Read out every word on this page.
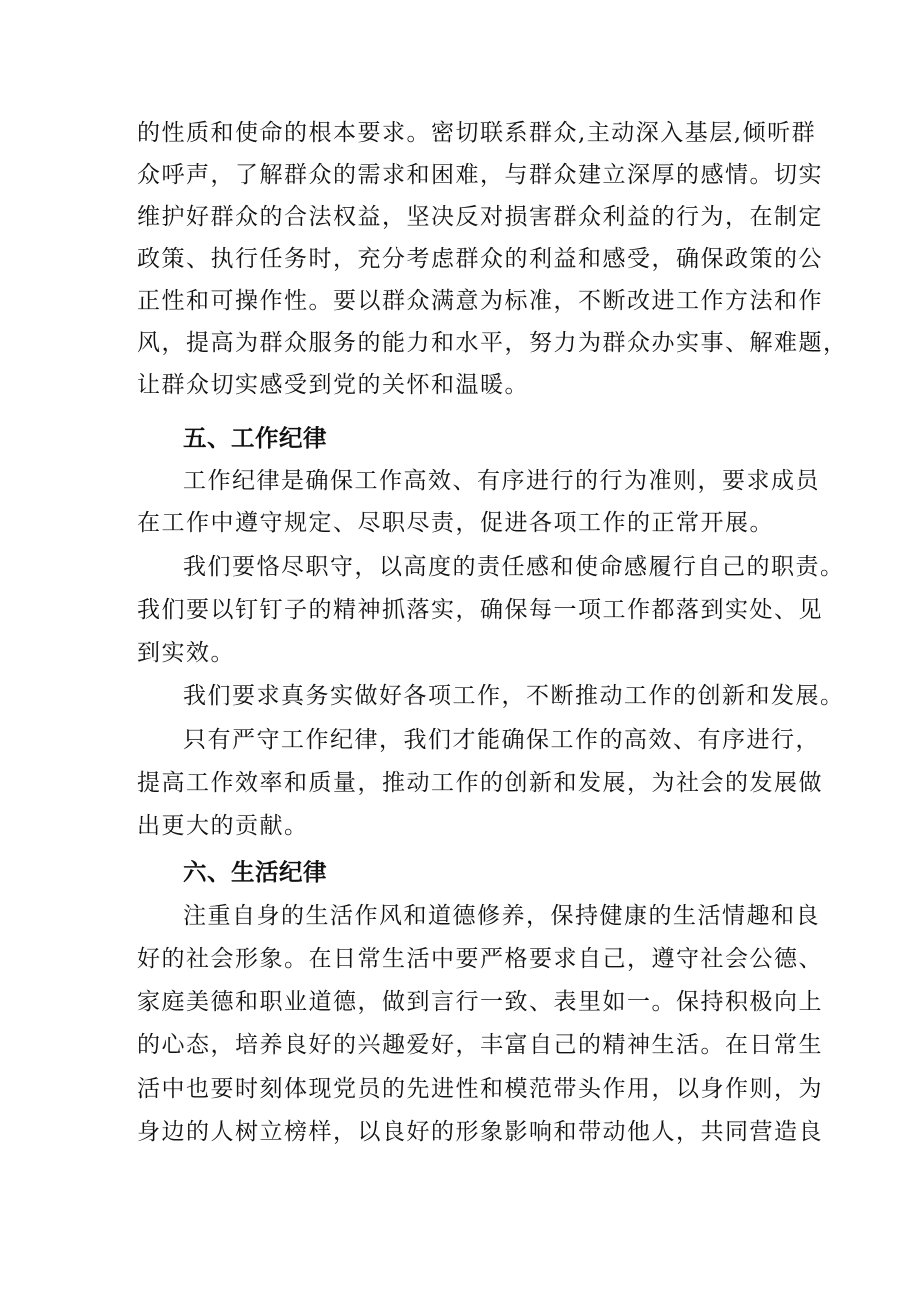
的性质和使命的根本要求。密切联系群众,主动深入基层,倾听群

众呼声，了解群众的需求和困难，与群众建立深厚的感情。切实

维护好群众的合法权益，坚决反对损害群众利益的行为，在制定

政策、执行任务时，充分考虑群众的利益和感受，确保政策的公

正性和可操作性。要以群众满意为标准，不断改进工作方法和作

风，提高为群众服务的能力和水平，努力为群众办实事、解难题，

让群众切实感受到党的关怀和温暖。

五、工作纪律

工作纪律是确保工作高效、有序进行的行为准则，要求成员

在工作中遵守规定、尽职尽责，促进各项工作的正常开展。

我们要恪尽职守，以高度的责任感和使命感履行自己的职责。

我们要以钉钉子的精神抓落实，确保每一项工作都落到实处、见

到实效。

我们要求真务实做好各项工作，不断推动工作的创新和发展。

只有严守工作纪律，我们才能确保工作的高效、有序进行，

提高工作效率和质量，推动工作的创新和发展，为社会的发展做

出更大的贡献。

六、生活纪律

注重自身的生活作风和道德修养，保持健康的生活情趣和良

好的社会形象。在日常生活中要严格要求自己，遵守社会公德、

家庭美德和职业道德，做到言行一致、表里如一。保持积极向上

的心态，培养良好的兴趣爱好，丰富自己的精神生活。在日常生

活中也要时刻体现党员的先进性和模范带头作用，以身作则，为

身边的人树立榜样，以良好的形象影响和带动他人，共同营造良
